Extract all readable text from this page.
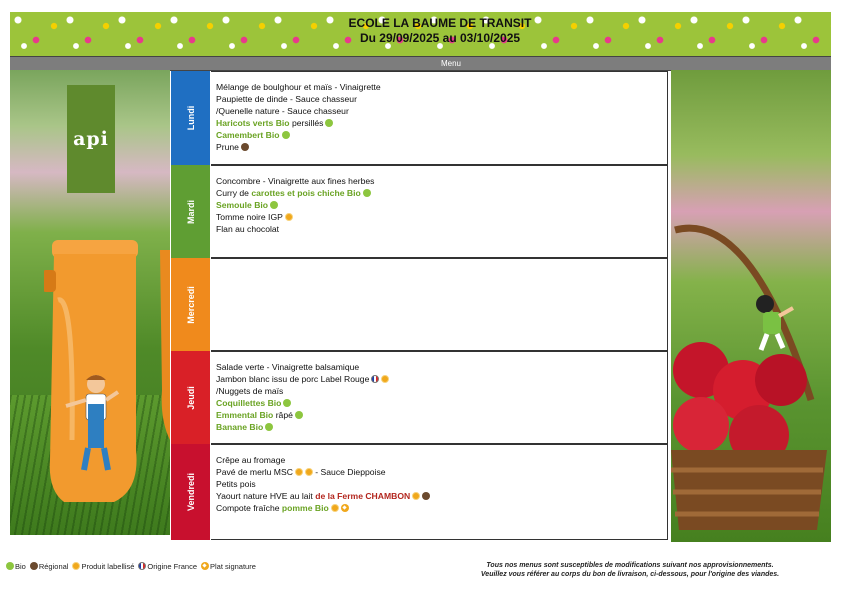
ECOLE LA BAUME DE TRANSIT
Du 29/09/2025 au 03/10/2025
Menu
api
Lundi
Mélange de boulghour et maïs - Vinaigrette
Paupiette de dinde - Sauce chasseur
/Quenelle nature - Sauce chasseur
Haricots verts Bio persillés
Camembert Bio
Prune
Mardi
Concombre - Vinaigrette aux fines herbes
Curry de carottes et pois chiche Bio
Semoule Bio
Tomme noire IGP
Flan au chocolat
Mercredi
Jeudi
Salade verte - Vinaigrette balsamique
Jambon blanc issu de porc Label Rouge
/Nuggets de maïs
Coquillettes Bio
Emmental Bio râpé
Banane Bio
Vendredi
Crêpe au fromage
Pavé de merlu MSC - Sauce Dieppoise
Petits pois
Yaourt nature HVE au lait de la Ferme CHAMBON
Compote fraîche pomme Bio
Bio Régional Produit labellisé Origine France Plat signature	Tous nos menus sont susceptibles de modifications suivant nos approvisionnements.
Veuillez vous référer au corps du bon de livraison, ci-dessous, pour l'origine des viandes.
